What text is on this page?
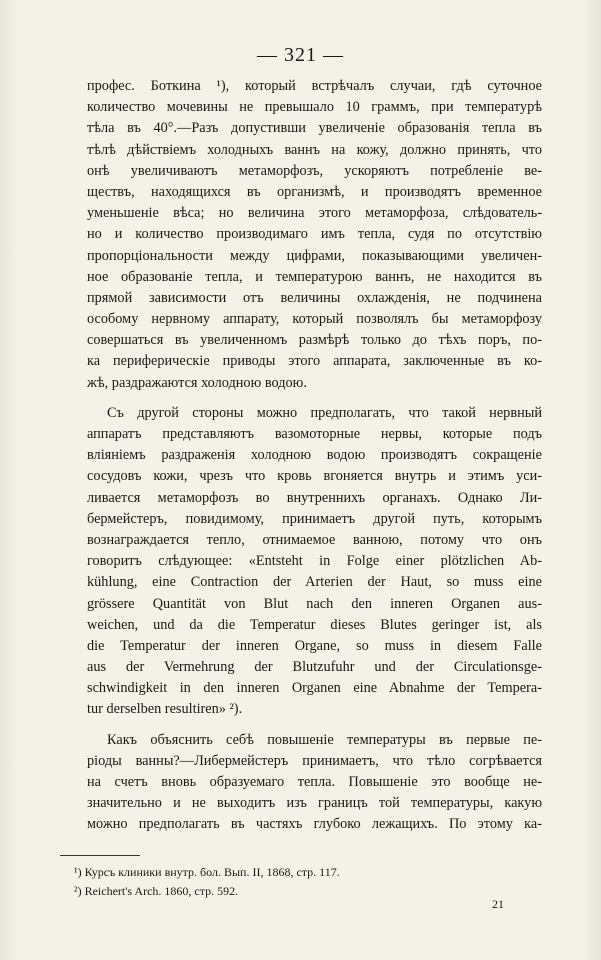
— 321 —
профес. Боткина ¹), который встрѣчалъ случаи, гдѣ суточное
количество мочевины не превышало 10 граммъ, при температурѣ
тѣла въ 40°.—Разъ допустивши увеличеніе образованія тепла въ
тѣлѣ дѣйствіемъ холодныхъ ваннъ на кожу, должно принять, что
онѣ увеличиваютъ метаморфозъ, ускоряютъ потребленіе ве-
ществъ, находящихся въ организмѣ, и производятъ временное
уменьшеніе вѣса; но величина этого метаморфоза, слѣдователь-
но и количество производимаго имъ тепла, судя по отсутствію
пропорціональности между цифрами, показывающими увеличен-
ное образованіе тепла, и температурою ваннъ, не находится въ
прямой зависимости отъ величины охлажденія, не подчинена
особому нервному аппарату, который позволялъ бы метаморфозу
совершаться въ увеличенномъ размѣрѣ только до тѣхъ поръ, по-
ка периферическіе приводы этого аппарата, заключенные въ ко-
жѣ, раздражаются холодною водою.
Съ другой стороны можно предполагать, что такой нервный
аппаратъ представляютъ вазомоторные нервы, которые подъ
вліяніемъ раздраженія холодною водою производятъ сокращеніе
сосудовъ кожи, чрезъ что кровь вгоняется внутрь и этимъ уси-
ливается метаморфозъ во внутреннихъ органахъ. Однако Ли-
бермейстеръ, повидимому, принимаетъ другой путь, которымъ
вознаграждается тепло, отнимаемое ванною, потому что онъ
говоритъ слѣдующее: «Entsteht in Folge einer plötzlichen Ab-
kühlung, eine Contraction der Arterien der Haut, so muss eine
grössere Quantität von Blut nach den inneren Organen aus-
weichen, und da die Temperatur dieses Blutes geringer ist, als
die Temperatur der inneren Organe, so muss in diesem Falle
aus der Vermehrung der Blutzufuhr und der Circulationsge-
schwindigkeit in den inneren Organen eine Abnahme der Tempera-
tur derselben resultiren» ²).
Какъ объяснить себѣ повышеніе температуры въ первые пе-
ріоды ванны?—Либермейстеръ принимаетъ, что тѣло согрѣвается
на счетъ вновь образуемаго тепла. Повышеніе это вообще не-
значительно и не выходитъ изъ границъ той температуры, какую
можно предполагать въ частяхъ глубоко лежащихъ. По этому ка-
¹) Курсъ клиники внутр. бол. Вып. II, 1868, стр. 117.
²) Reichert's Arch. 1860, стр. 592.
21
